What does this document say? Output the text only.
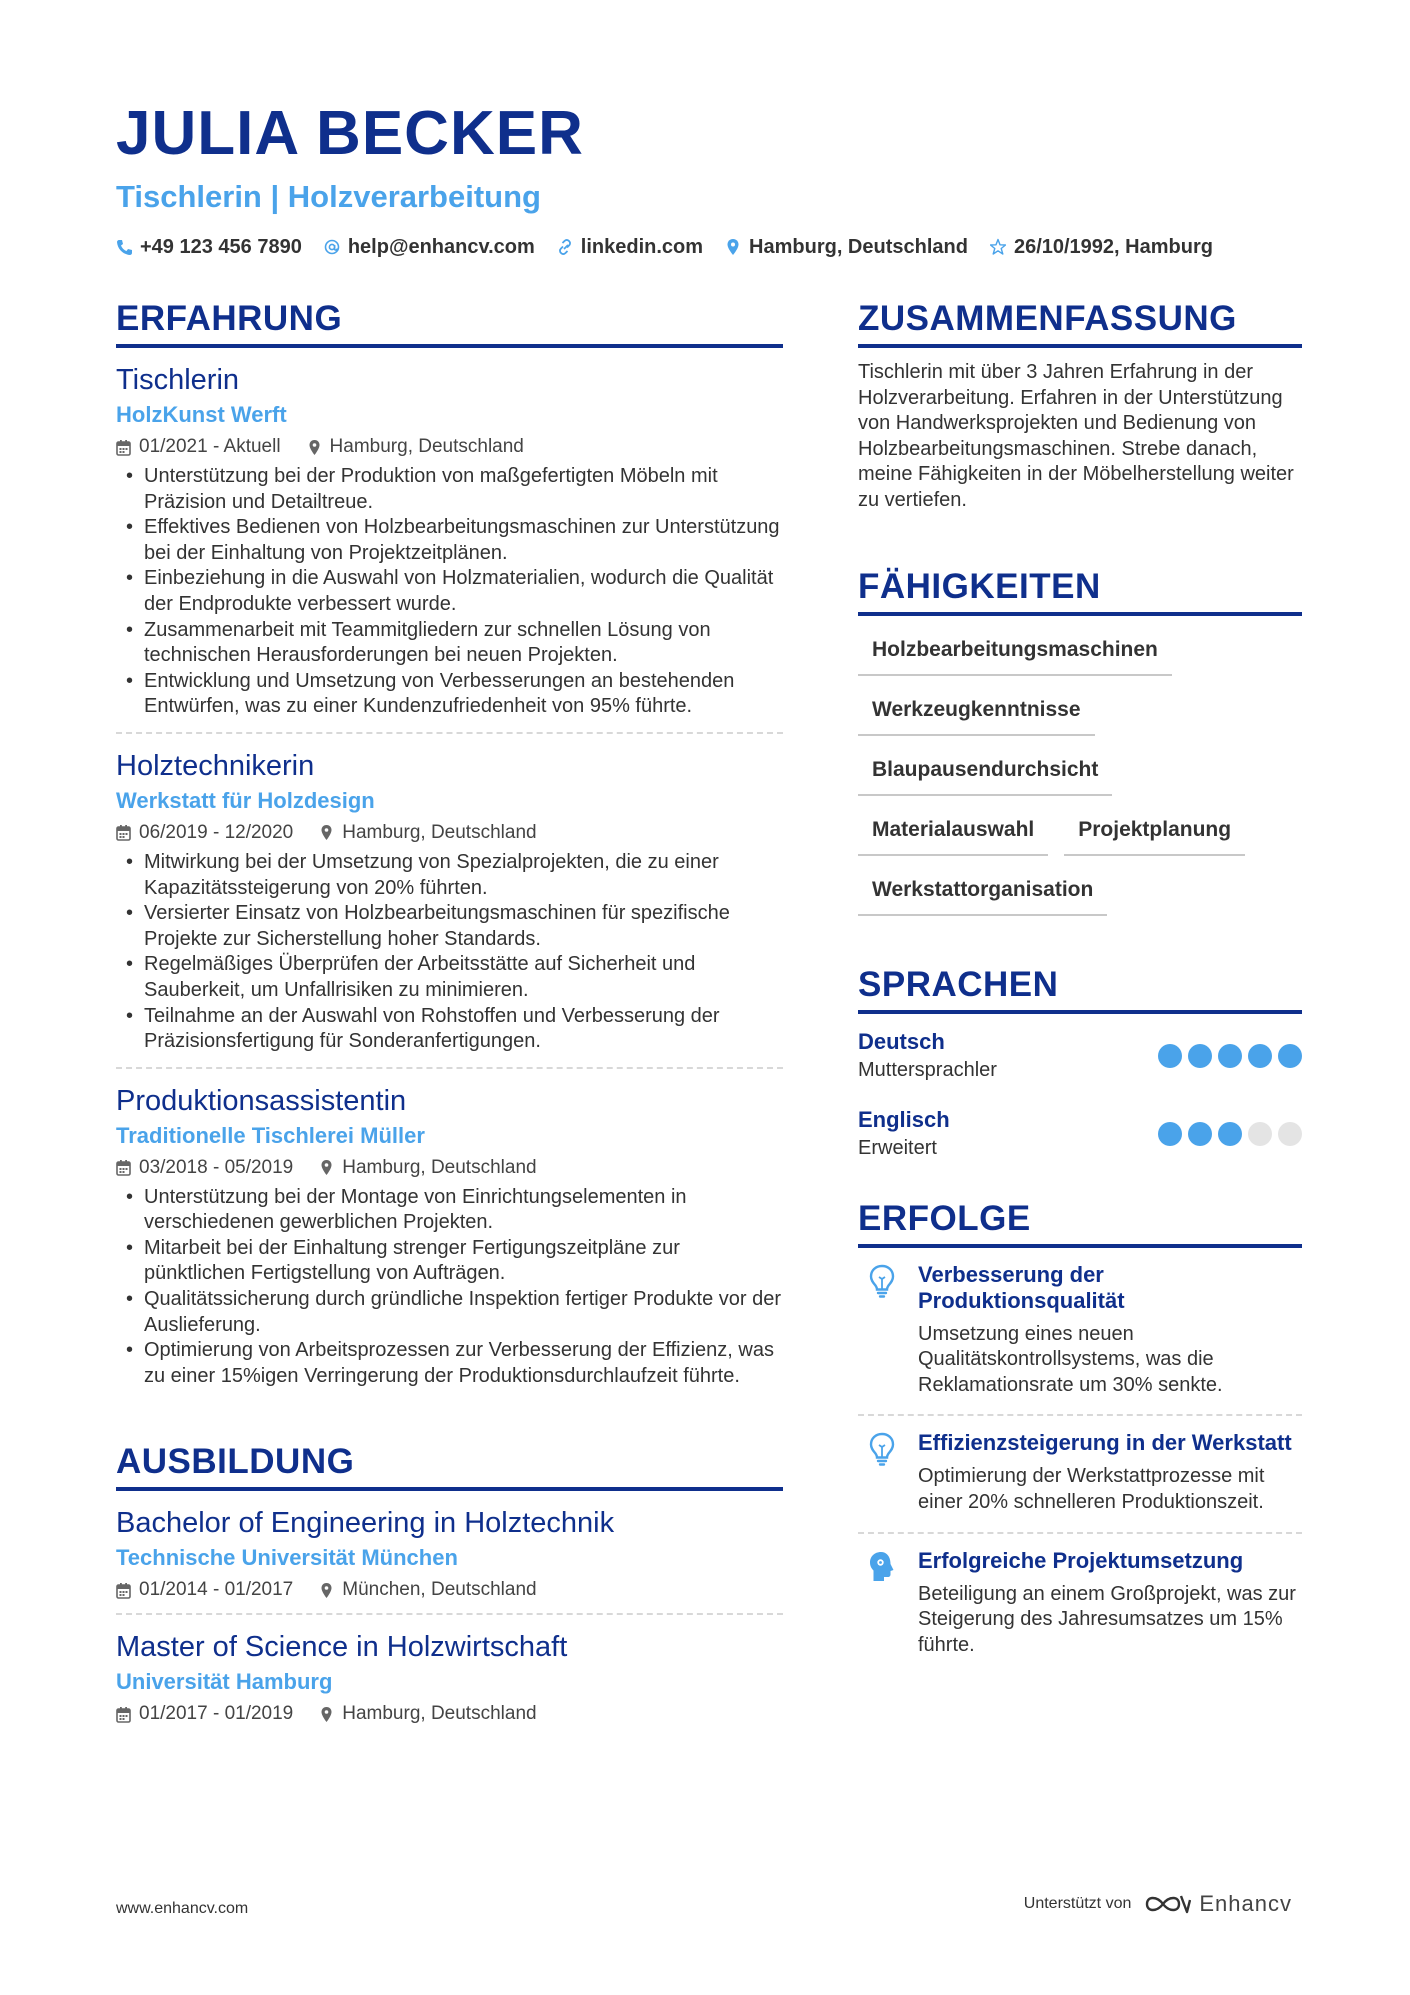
JULIA BECKER
Tischlerin | Holzverarbeitung
+49 123 456 7890 help@enhancv.com linkedin.com Hamburg, Deutschland 26/10/1992, Hamburg
ERFAHRUNG
Tischlerin
HolzKunst Werft
01/2021 - Aktuell	Hamburg, Deutschland
• Unterstützung bei der Produktion von maßgefertigten Möbeln mit Präzision und Detailtreue.
• Effektives Bedienen von Holzbearbeitungsmaschinen zur Unterstützung bei der Einhaltung von Projektzeitplänen.
• Einbeziehung in die Auswahl von Holzmaterialien, wodurch die Qualität der Endprodukte verbessert wurde.
• Zusammenarbeit mit Teammitgliedern zur schnellen Lösung von technischen Herausforderungen bei neuen Projekten.
• Entwicklung und Umsetzung von Verbesserungen an bestehenden Entwürfen, was zu einer Kundenzufriedenheit von 95% führte.
Holztechnikerin
Werkstatt für Holzdesign
06/2019 - 12/2020	Hamburg, Deutschland
• Mitwirkung bei der Umsetzung von Spezialprojekten, die zu einer Kapazitätssteigerung von 20% führten.
• Versierter Einsatz von Holzbearbeitungsmaschinen für spezifische Projekte zur Sicherstellung hoher Standards.
• Regelmäßiges Überprüfen der Arbeitsstätte auf Sicherheit und Sauberkeit, um Unfallrisiken zu minimieren.
• Teilnahme an der Auswahl von Rohstoffen und Verbesserung der Präzisionsfertigung für Sonderanfertigungen.
Produktionsassistentin
Traditionelle Tischlerei Müller
03/2018 - 05/2019	Hamburg, Deutschland
• Unterstützung bei der Montage von Einrichtungselementen in verschiedenen gewerblichen Projekten.
• Mitarbeit bei der Einhaltung strenger Fertigungszeitpläne zur pünktlichen Fertigstellung von Aufträgen.
• Qualitätssicherung durch gründliche Inspektion fertiger Produkte vor der Auslieferung.
• Optimierung von Arbeitsprozessen zur Verbesserung der Effizienz, was zu einer 15%igen Verringerung der Produktionsdurchlaufzeit führte.
AUSBILDUNG
Bachelor of Engineering in Holztechnik
Technische Universität München
01/2014 - 01/2017	München, Deutschland
Master of Science in Holzwirtschaft
Universität Hamburg
01/2017 - 01/2019	Hamburg, Deutschland
ZUSAMMENFASSUNG
Tischlerin mit über 3 Jahren Erfahrung in der Holzverarbeitung. Erfahren in der Unterstützung von Handwerksprojekten und Bedienung von Holzbearbeitungsmaschinen. Strebe danach, meine Fähigkeiten in der Möbelherstellung weiter zu vertiefen.
FÄHIGKEITEN
Holzbearbeitungsmaschinen
Werkzeugkenntnisse
Blaupausendurchsicht
Materialauswahl	Projektplanung
Werkstattorganisation
SPRACHEN
Deutsch
Muttersprachler
Englisch
Erweitert
ERFOLGE
Verbesserung der Produktionsqualität
Umsetzung eines neuen Qualitätskontrollsystems, was die Reklamationsrate um 30% senkte.
Effizienzsteigerung in der Werkstatt
Optimierung der Werkstattprozesse mit einer 20% schnelleren Produktionszeit.
Erfolgreiche Projektumsetzung
Beteiligung an einem Großprojekt, was zur Steigerung des Jahresumsatzes um 15% führte.
www.enhancv.com	Unterstützt von	Enhancv
